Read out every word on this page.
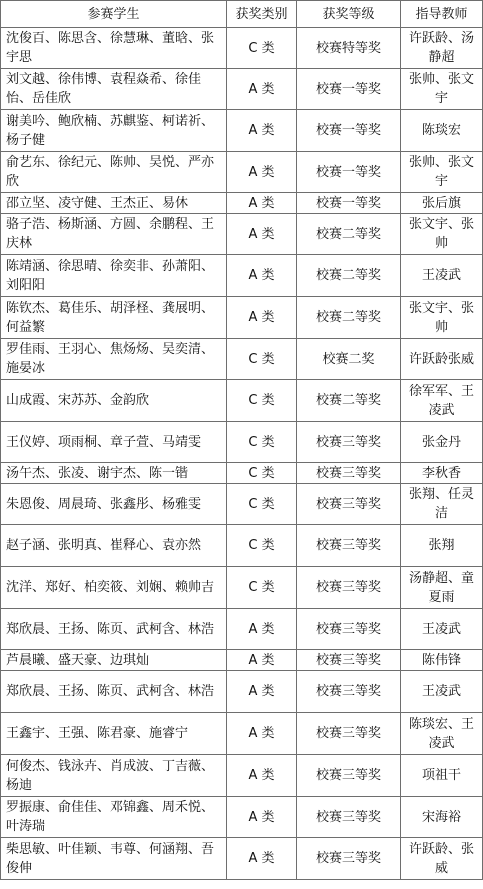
参赛学生	获奖类别	获奖等级	指导教师
沈俊百、陈思含、徐慧琳、董晗、张宇思	C 类	校赛特等奖	许跃龄、汤静超
刘文越、徐伟博、袁程焱希、徐佳怡、岳佳欣	A 类	校赛一等奖	张帅、张文宇
谢美吟、鲍欣楠、苏麒鉴、柯诺祈、杨子健	A 类	校赛一等奖	陈琰宏
俞艺东、徐纪元、陈帅、吴悦、严亦欣	A 类	校赛一等奖	张帅、张文宇
邵立坚、凌守健、王杰正、易休	A 类	校赛一等奖	张后旗
骆子浩、杨斯涵、方圆、余鹏程、王庆林	A 类	校赛二等奖	张文宇、张帅
陈靖涵、徐思晴、徐奕非、孙萧阳、刘阳阳	A 类	校赛二等奖	王凌武
陈钦杰、葛佳乐、胡泽柽、龚展明、何益繁	A 类	校赛二等奖	张文宇、张帅
罗佳雨、王羽心、焦炀炀、吴奕清、施晏冰	C 类	校赛二奖	许跃龄张威
山成霞、宋苏苏、金韵欣	C 类	校赛二等奖	徐军军、王凌武
王仪婷、项雨桐、章子萱、马靖雯	C 类	校赛三等奖	张金丹
汤午杰、张凌、谢宇杰、陈一锴	C 类	校赛三等奖	李秋香
朱恩俊、周晨琦、张鑫彤、杨雅雯	C 类	校赛三等奖	张翔、任灵洁
赵子涵、张明真、崔释心、袁亦然	C 类	校赛三等奖	张翔
沈洋、郑好、柏奕筱、刘娴、赖帅吉	C 类	校赛三等奖	汤静超、童夏雨
郑欣晨、王扬、陈页、武柯含、林浩	A 类	校赛三等奖	王凌武
芦晨曦、盛天豪、边琪灿	A 类	校赛三等奖	陈伟锋
郑欣晨、王扬、陈页、武柯含、林浩	A 类	校赛三等奖	王凌武
王鑫宇、王强、陈君豪、施睿宁	A 类	校赛三等奖	陈琰宏、王凌武
何俊杰、钱泳卉、肖成波、丁吉薇、杨迪	A 类	校赛三等奖	项祖干
罗振康、俞佳佳、邓锦鑫、周禾悦、叶涛瑞	A 类	校赛三等奖	宋海裕
柴思敏、叶佳颖、韦尊、何涵翔、吾俊伸	A 类	校赛三等奖	许跃龄、张威
